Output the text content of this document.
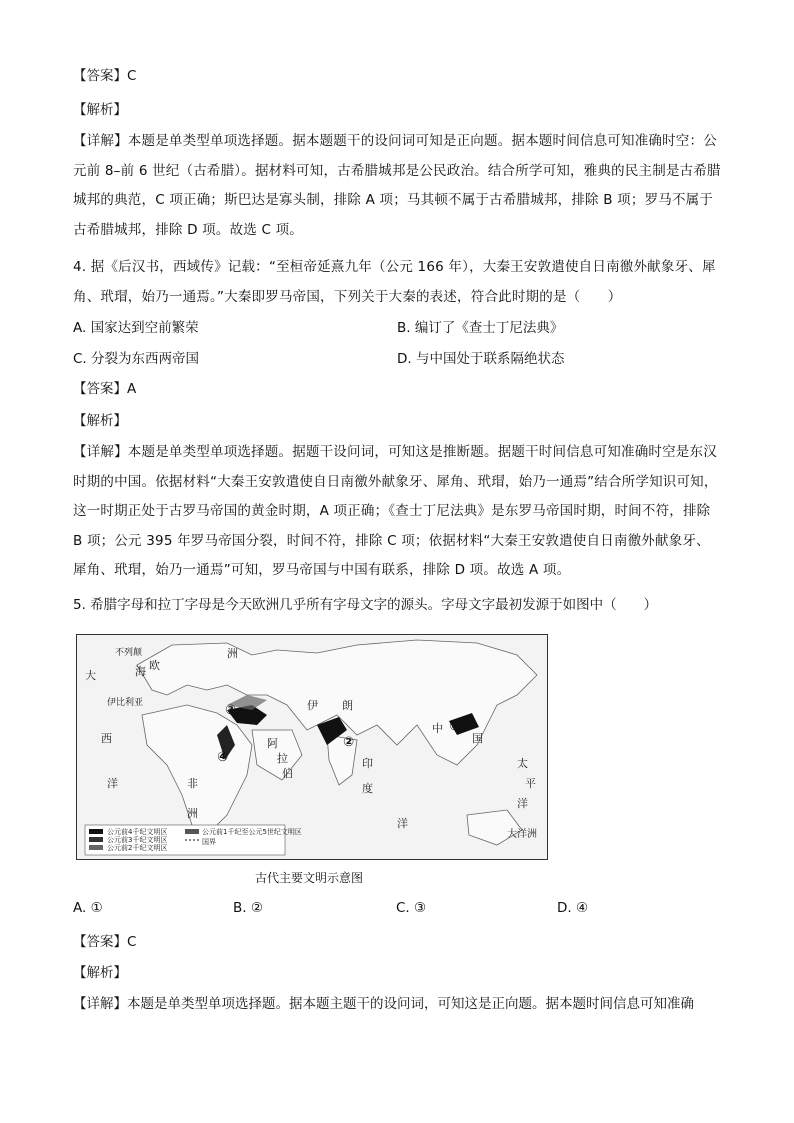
【答案】C
【解析】
【详解】本题是单类型单项选择题。据本题题干的设问词可知是正向题。据本题时间信息可知准确时空：公元前 8–前 6 世纪（古希腊）。据材料可知，古希腊城邦是公民政治。结合所学可知，雅典的民主制是古希腊城邦的典范，C 项正确；斯巴达是寡头制，排除 A 项；马其顿不属于古希腊城邦，排除 B 项；罗马不属于古希腊城邦，排除 D 项。故选 C 项。
4. 据《后汉书，西域传》记载：“至桓帝延熹九年（公元 166 年），大秦王安敦遣使自日南徼外献象牙、犀角、玳瑁，始乃一通焉。”大秦即罗马帝国，下列关于大秦的表述，符合此时期的是（　　）
A. 国家达到空前繁荣	B. 编订了《查士丁尼法典》
C. 分裂为东西两帝国	D. 与中国处于联系隔绝状态
【答案】A
【解析】
【详解】本题是单类型单项选择题。据题干设问词，可知这是推断题。据题干时间信息可知准确时空是东汉时期的中国。依据材料“大秦王安敦遣使自日南徼外献象牙、犀角、玳瑁，始乃一通焉”结合所学知识可知，这一时期正处于古罗马帝国的黄金时期，A 项正确；《查士丁尼法典》是东罗马帝国时期，时间不符，排除 B 项；公元 395 年罗马帝国分裂，时间不符，排除 C 项；依据材料“大秦王安敦遣使自日南徼外献象牙、犀角、玳瑁，始乃一通焉”可知，罗马帝国与中国有联系，排除 D 项。故选 A 项。
5. 希腊字母和拉丁字母是今天欧洲几乎所有字母文字的源头。字母文字最初发源于如图中（　　）
大
西
洋
欧
伊比利亚
非
洲
阿
拉
伯
伊 朗
印
度
洋
中
国
太
平
洋
大洋洲
洲
不列颠
海
③
④
②
①
公元前4千纪文明区
公元前3千纪文明区
公元前2千纪文明区
公元前1千纪至公元5世纪文明区
国界
古代主要文明示意图
A. ①	B. ②	C. ③	D. ④
【答案】C
【解析】
【详解】本题是单类型单项选择题。据本题主题干的设问词，可知这是正向题。据本题时间信息可知准确
